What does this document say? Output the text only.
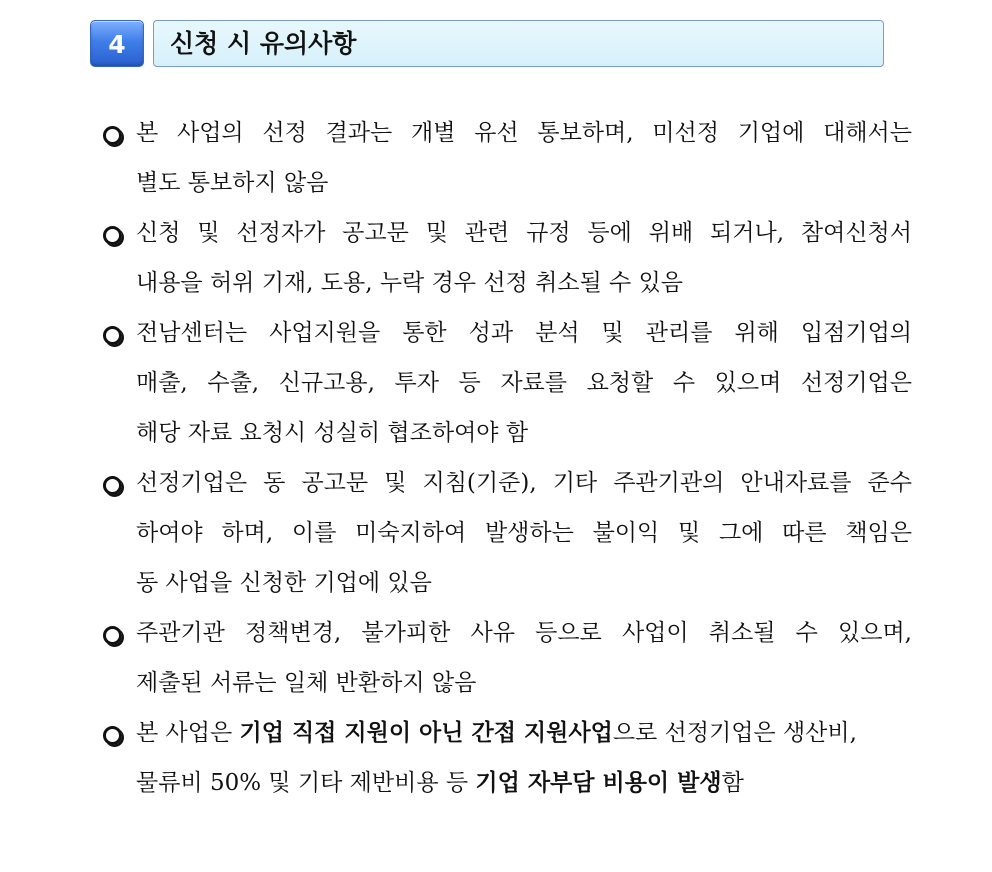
4	신청 시 유의사항
본 사업의 선정 결과는 개별 유선 통보하며, 미선정 기업에 대해서는
별도 통보하지 않음
신청 및 선정자가 공고문 및 관련 규정 등에 위배 되거나, 참여신청서
내용을 허위 기재, 도용, 누락 경우 선정 취소될 수 있음
전남센터는 사업지원을 통한 성과 분석 및 관리를 위해 입점기업의
매출, 수출, 신규고용, 투자 등 자료를 요청할 수 있으며 선정기업은
해당 자료 요청시 성실히 협조하여야 함
선정기업은 동 공고문 및 지침(기준), 기타 주관기관의 안내자료를 준수
하여야 하며, 이를 미숙지하여 발생하는 불이익 및 그에 따른 책임은
동 사업을 신청한 기업에 있음
주관기관 정책변경, 불가피한 사유 등으로 사업이 취소될 수 있으며,
제출된 서류는 일체 반환하지 않음
본 사업은 기업 직접 지원이 아닌 간접 지원사업으로 선정기업은 생산비,
물류비 50% 및 기타 제반비용 등 기업 자부담 비용이 발생함
